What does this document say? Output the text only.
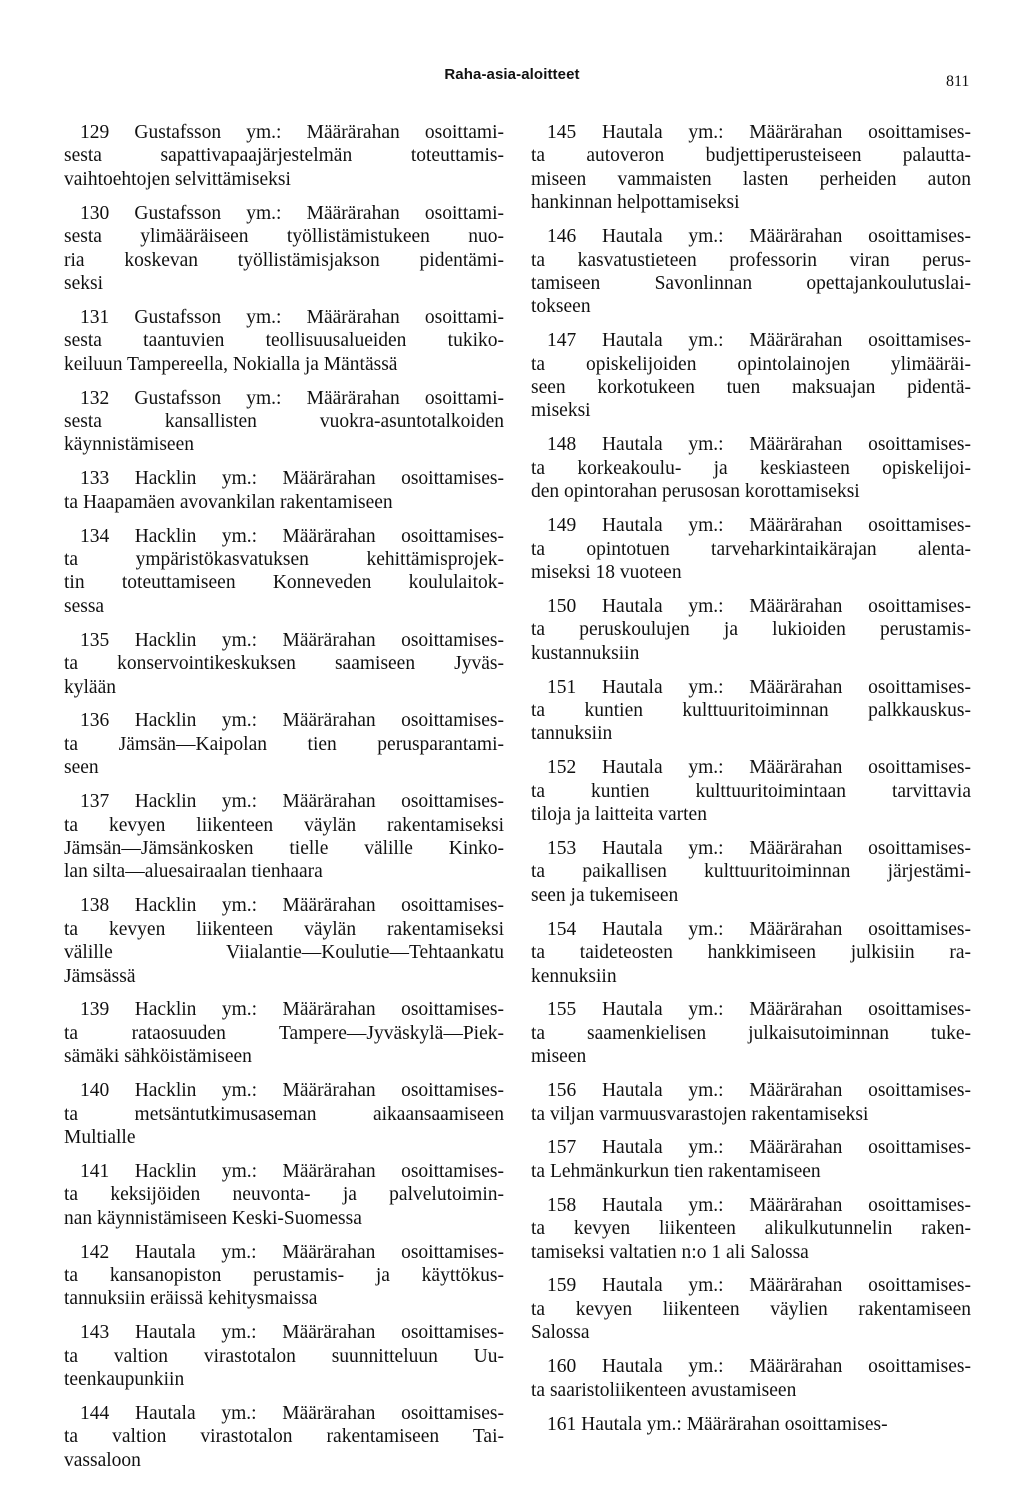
Raha-asia-aloitteet	811
129 Gustafsson ym.: Määrärahan osoittami-
sesta sapattivapaajärjestelmän toteuttamis-
vaihtoehtojen selvittämiseksi
130 Gustafsson ym.: Määrärahan osoittami-
sesta ylimääräiseen työllistämistukeen nuo-
ria koskevan työllistämisjakson pidentämi-
seksi
131 Gustafsson ym.: Määrärahan osoittami-
sesta taantuvien teollisuusalueiden tukiko-
keiluun Tampereella, Nokialla ja Mäntässä
132 Gustafsson ym.: Määrärahan osoittami-
sesta kansallisten vuokra-asuntotalkoiden
käynnistämiseen
133 Hacklin ym.: Määrärahan osoittamises-
ta Haapamäen avovankilan rakentamiseen
134 Hacklin ym.: Määrärahan osoittamises-
ta ympäristökasvatuksen kehittämisprojek-
tin toteuttamiseen Konneveden koululaitok-
sessa
135 Hacklin ym.: Määrärahan osoittamises-
ta konservointikeskuksen saamiseen Jyväs-
kylään
136 Hacklin ym.: Määrärahan osoittamises-
ta Jämsän—Kaipolan tien perusparantami-
seen
137 Hacklin ym.: Määrärahan osoittamises-
ta kevyen liikenteen väylän rakentamiseksi
Jämsän—Jämsänkosken tielle välille Kinko-
lan silta—aluesairaalan tienhaara
138 Hacklin ym.: Määrärahan osoittamises-
ta kevyen liikenteen väylän rakentamiseksi
välille Viialantie—Koulutie—Tehtaankatu
Jämsässä
139 Hacklin ym.: Määrärahan osoittamises-
ta rataosuuden Tampere—Jyväskylä—Piek-
sämäki sähköistämiseen
140 Hacklin ym.: Määrärahan osoittamises-
ta metsäntutkimusaseman aikaansaamiseen
Multialle
141 Hacklin ym.: Määrärahan osoittamises-
ta keksijöiden neuvonta- ja palvelutoimin-
nan käynnistämiseen Keski-Suomessa
142 Hautala ym.: Määrärahan osoittamises-
ta kansanopiston perustamis- ja käyttökus-
tannuksiin eräissä kehitysmaissa
143 Hautala ym.: Määrärahan osoittamises-
ta valtion virastotalon suunnitteluun Uu-
teenkaupunkiin
144 Hautala ym.: Määrärahan osoittamises-
ta valtion virastotalon rakentamiseen Tai-
vassaloon
145 Hautala ym.: Määrärahan osoittamises-
ta autoveron budjettiperusteiseen palautta-
miseen vammaisten lasten perheiden auton
hankinnan helpottamiseksi
146 Hautala ym.: Määrärahan osoittamises-
ta kasvatustieteen professorin viran perus-
tamiseen Savonlinnan opettajankoulutuslai-
tokseen
147 Hautala ym.: Määrärahan osoittamises-
ta opiskelijoiden opintolainojen ylimääräi-
seen korkotukeen tuen maksuajan pidentä-
miseksi
148 Hautala ym.: Määrärahan osoittamises-
ta korkeakoulu- ja keskiasteen opiskelijoi-
den opintorahan perusosan korottamiseksi
149 Hautala ym.: Määrärahan osoittamises-
ta opintotuen tarveharkintaikärajan alenta-
miseksi 18 vuoteen
150 Hautala ym.: Määrärahan osoittamises-
ta peruskoulujen ja lukioiden perustamis-
kustannuksiin
151 Hautala ym.: Määrärahan osoittamises-
ta kuntien kulttuuritoiminnan palkkauskus-
tannuksiin
152 Hautala ym.: Määrärahan osoittamises-
ta kuntien kulttuuritoimintaan tarvittavia
tiloja ja laitteita varten
153 Hautala ym.: Määrärahan osoittamises-
ta paikallisen kulttuuritoiminnan järjestämi-
seen ja tukemiseen
154 Hautala ym.: Määrärahan osoittamises-
ta taideteosten hankkimiseen julkisiin ra-
kennuksiin
155 Hautala ym.: Määrärahan osoittamises-
ta saamenkielisen julkaisutoiminnan tuke-
miseen
156 Hautala ym.: Määrärahan osoittamises-
ta viljan varmuusvarastojen rakentamiseksi
157 Hautala ym.: Määrärahan osoittamises-
ta Lehmänkurkun tien rakentamiseen
158 Hautala ym.: Määrärahan osoittamises-
ta kevyen liikenteen alikulkutunnelin raken-
tamiseksi valtatien n:o 1 ali Salossa
159 Hautala ym.: Määrärahan osoittamises-
ta kevyen liikenteen väylien rakentamiseen
Salossa
160 Hautala ym.: Määrärahan osoittamises-
ta saaristoliikenteen avustamiseen
161 Hautala ym.: Määrärahan osoittamises-
